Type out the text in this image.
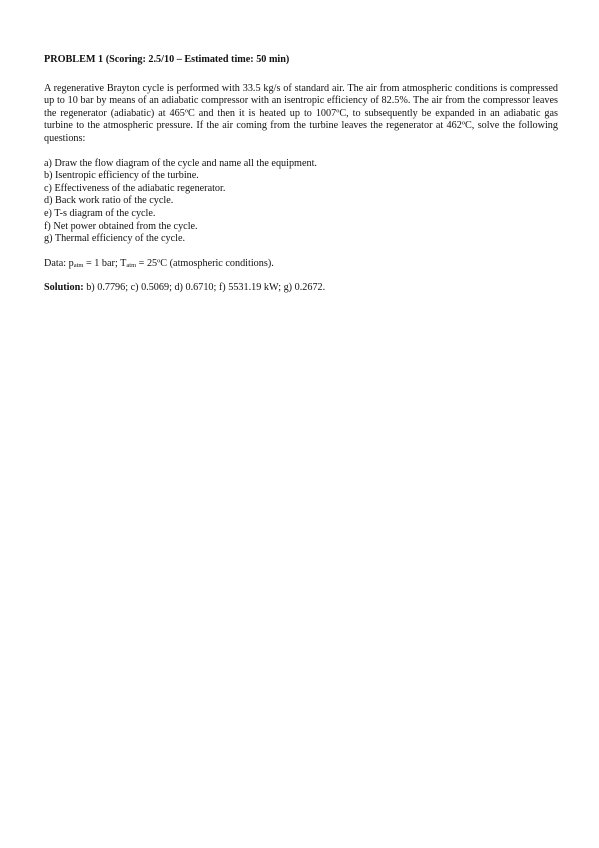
PROBLEM 1 (Scoring: 2.5/10 – Estimated time: 50 min)
A regenerative Brayton cycle is performed with 33.5 kg/s of standard air. The air from atmospheric conditions is compressed up to 10 bar by means of an adiabatic compressor with an isentropic efficiency of 82.5%. The air from the compressor leaves the regenerator (adiabatic) at 465ºC and then it is heated up to 1007ºC, to subsequently be expanded in an adiabatic gas turbine to the atmospheric pressure. If the air coming from the turbine leaves the regenerator at 462ºC, solve the following questions:
a) Draw the flow diagram of the cycle and name all the equipment.
b) Isentropic efficiency of the turbine.
c) Effectiveness of the adiabatic regenerator.
d) Back work ratio of the cycle.
e) T-s diagram of the cycle.
f) Net power obtained from the cycle.
g) Thermal efficiency of the cycle.
Data: $p_{atm} = 1$ bar; $T_{atm}$ = 25ºC (atmospheric conditions).
Solution: b) 0.7796; c) 0.5069; d) 0.6710; f) 5531.19 kW; g) 0.2672.
